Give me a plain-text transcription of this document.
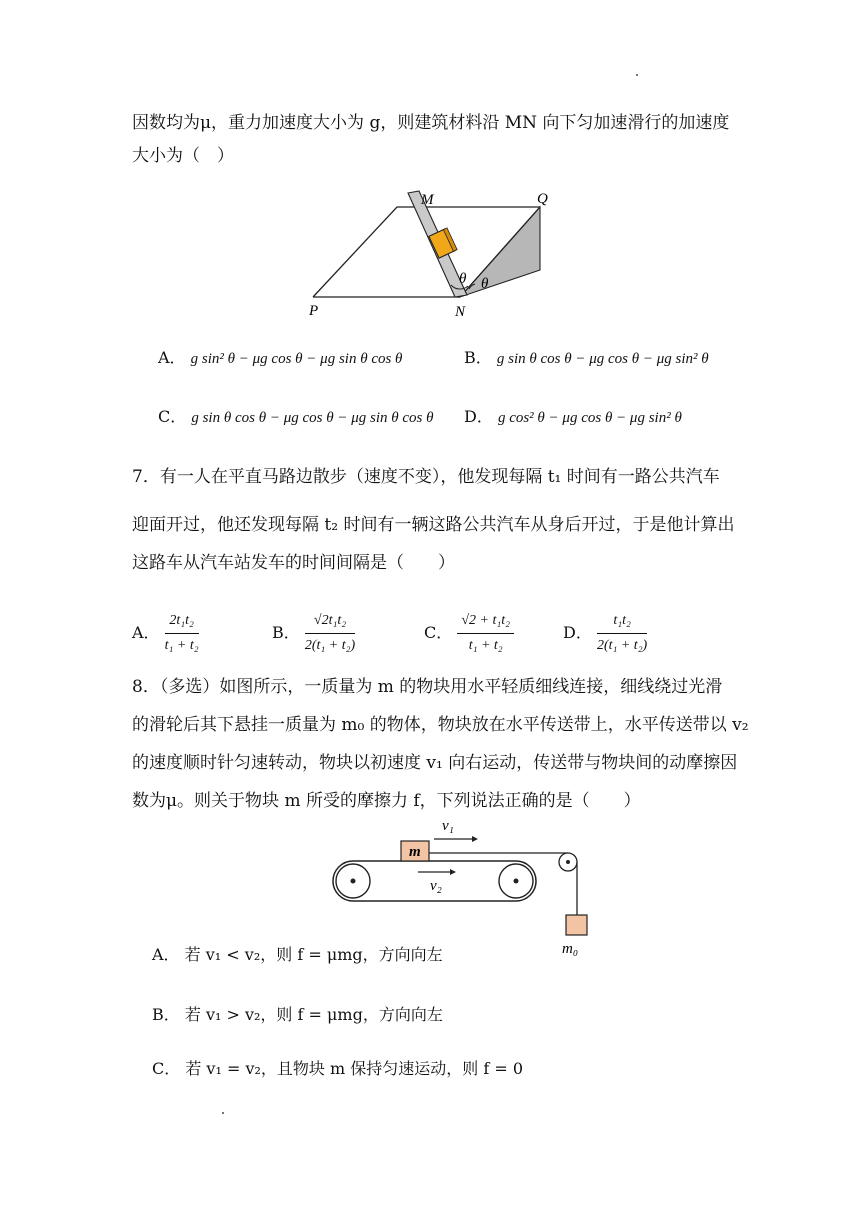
因数均为μ，重力加速度大小为 g，则建筑材料沿 MN 向下匀加速滑行的加速度
大小为（　）
M	Q
P	N
θ θ
A． g sin² θ − μg cos θ − μg sin θ cos θ	B． g sin θ cos θ − μg cos θ − μg sin² θ
C． g sin θ cos θ − μg cos θ − μg sin θ cos θ D． g cos² θ − μg cos θ − μg sin² θ
7．有一人在平直马路边散步（速度不变），他发现每隔 t₁ 时间有一路公共汽车
迎面开过，他还发现每隔 t₂ 时间有一辆这路公共汽车从身后开过，于是他计算出
这路车从汽车站发车的时间间隔是（　　）
A． $\frac{\text{2t₁t₂}}{\text{t₁ + t₂}}$	B． $\frac{\text{√2t₁t₂}}{\text{2(t₁ + t₂)}}$	C． $\frac{\text{√2 + t₁t₂}}{\text{t₁ + t₂}}$	D． $\frac{\text{t₁t₂}}{\text{2(t₁ + t₂)}}$
8．（多选）如图所示，一质量为 m 的物块用水平轻质细线连接，细线绕过光滑
的滑轮后其下悬挂一质量为 m₀ 的物体，物块放在水平传送带上，水平传送带以 v₂
的速度顺时针匀速转动，物块以初速度 v₁ 向右运动，传送带与物块间的动摩擦因
数为μ。则关于物块 m 所受的摩擦力 f，下列说法正确的是（　　）
m
m₀
v₁
v₂
A． 若 v₁ < v₂，则 f = μmg，方向向左
B． 若 v₁ > v₂，则 f = μmg，方向向左
C． 若 v₁ = v₂，且物块 m 保持匀速运动，则 f = 0
